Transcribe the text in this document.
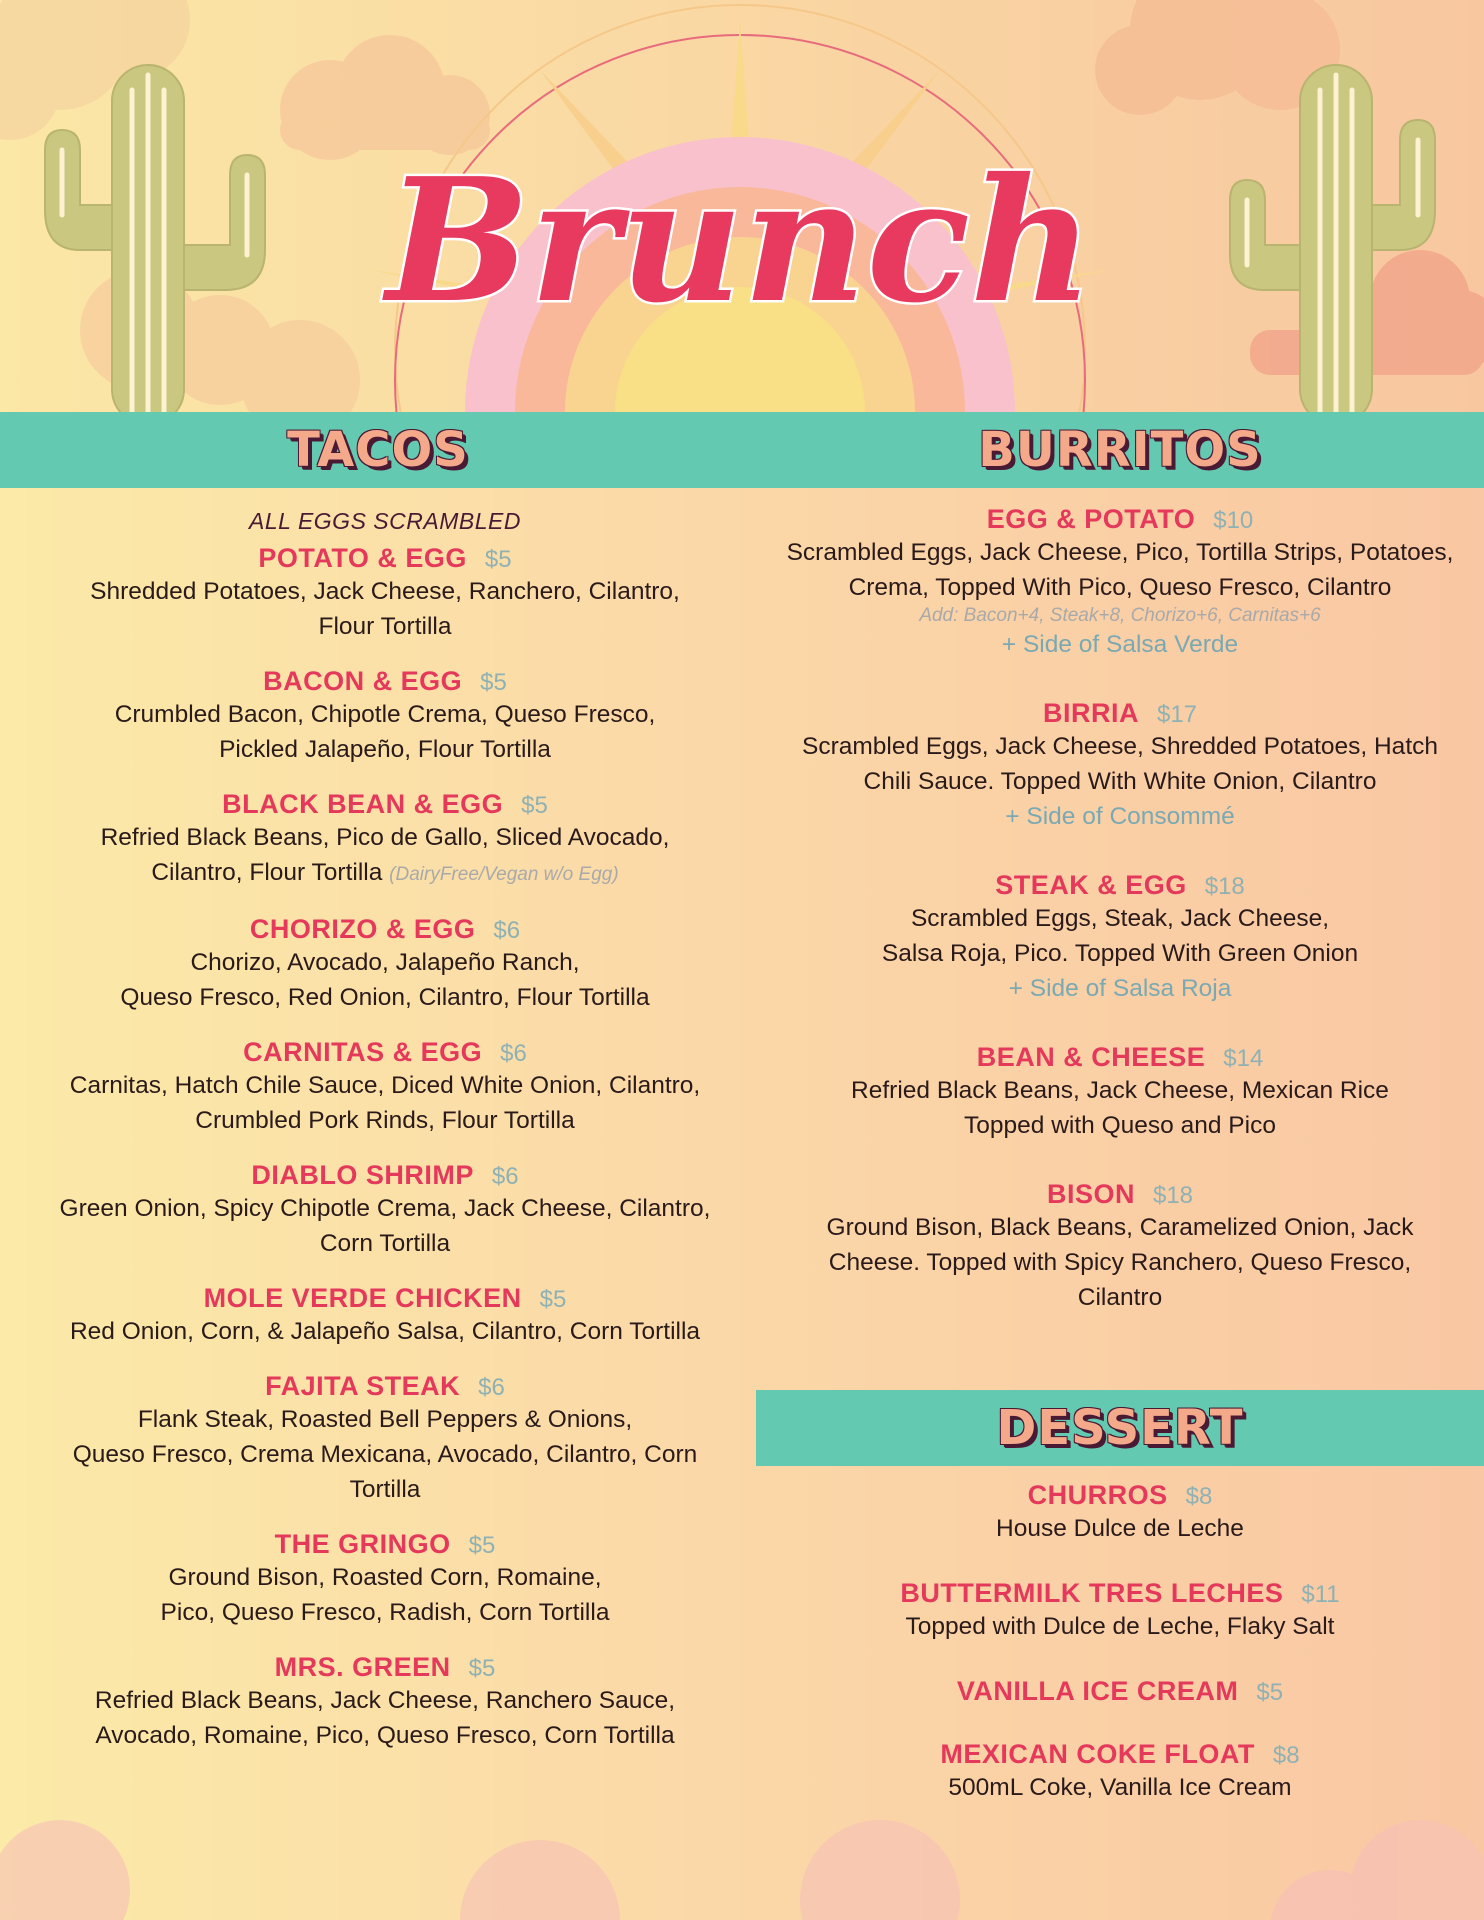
Brunch
TACOS	BURRITOS
ALL EGGS SCRAMBLED
POTATO & EGG $5
Shredded Potatoes, Jack Cheese, Ranchero, Cilantro,
Flour Tortilla
BACON & EGG $5
Crumbled Bacon, Chipotle Crema, Queso Fresco,
Pickled Jalapeño, Flour Tortilla
BLACK BEAN & EGG $5
Refried Black Beans, Pico de Gallo, Sliced Avocado,
Cilantro, Flour Tortilla (DairyFree/Vegan w/o Egg)
CHORIZO & EGG $6
Chorizo, Avocado, Jalapeño Ranch,
Queso Fresco, Red Onion, Cilantro, Flour Tortilla
CARNITAS & EGG $6
Carnitas, Hatch Chile Sauce, Diced White Onion, Cilantro,
Crumbled Pork Rinds, Flour Tortilla
DIABLO SHRIMP $6
Green Onion, Spicy Chipotle Crema, Jack Cheese, Cilantro,
Corn Tortilla
MOLE VERDE CHICKEN $5
Red Onion, Corn, & Jalapeño Salsa, Cilantro, Corn Tortilla
FAJITA STEAK $6
Flank Steak, Roasted Bell Peppers & Onions,
Queso Fresco, Crema Mexicana, Avocado, Cilantro, Corn
Tortilla
THE GRINGO $5
Ground Bison, Roasted Corn, Romaine,
Pico, Queso Fresco, Radish, Corn Tortilla
MRS. GREEN $5
Refried Black Beans, Jack Cheese, Ranchero Sauce,
Avocado, Romaine, Pico, Queso Fresco, Corn Tortilla
EGG & POTATO $10
Scrambled Eggs, Jack Cheese, Pico, Tortilla Strips, Potatoes,
Crema, Topped With Pico, Queso Fresco, Cilantro
Add: Bacon+4, Steak+8, Chorizo+6, Carnitas+6
+ Side of Salsa Verde
BIRRIA $17
Scrambled Eggs, Jack Cheese, Shredded Potatoes, Hatch
Chili Sauce. Topped With White Onion, Cilantro
+ Side of Consommé
STEAK & EGG $18
Scrambled Eggs, Steak, Jack Cheese,
Salsa Roja, Pico. Topped With Green Onion
+ Side of Salsa Roja
BEAN & CHEESE $14
Refried Black Beans, Jack Cheese, Mexican Rice
Topped with Queso and Pico
BISON $18
Ground Bison, Black Beans, Caramelized Onion, Jack
Cheese. Topped with Spicy Ranchero, Queso Fresco,
Cilantro
DESSERT
CHURROS $8
House Dulce de Leche
BUTTERMILK TRES LECHES $11
Topped with Dulce de Leche, Flaky Salt
VANILLA ICE CREAM $5
MEXICAN COKE FLOAT $8
500mL Coke, Vanilla Ice Cream
